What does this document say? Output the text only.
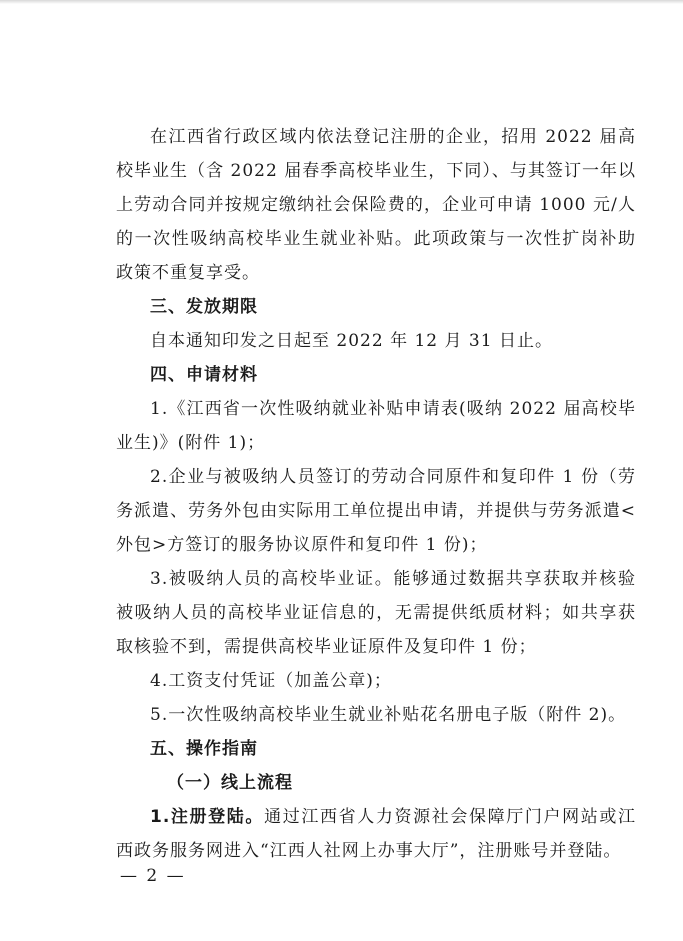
在江西省行政区域内依法登记注册的企业，招用 2022 届高校毕业生（含 2022 届春季高校毕业生，下同）、与其签订一年以上劳动合同并按规定缴纳社会保险费的，企业可申请 1000 元/人的一次性吸纳高校毕业生就业补贴。此项政策与一次性扩岗补助政策不重复享受。

三、发放期限

自本通知印发之日起至 2022 年 12 月 31 日止。

四、申请材料

1.《江西省一次性吸纳就业补贴申请表(吸纳 2022 届高校毕业生)》(附件 1)；

2.企业与被吸纳人员签订的劳动合同原件和复印件 1 份（劳务派遣、劳务外包由实际用工单位提出申请，并提供与劳务派遣<外包>方签订的服务协议原件和复印件 1 份)；

3.被吸纳人员的高校毕业证。能够通过数据共享获取并核验被吸纳人员的高校毕业证信息的，无需提供纸质材料；如共享获取核验不到，需提供高校毕业证原件及复印件 1 份；

4.工资支付凭证（加盖公章)；

5.一次性吸纳高校毕业生就业补贴花名册电子版（附件 2)。

五、操作指南

（一）线上流程

1.注册登陆。通过江西省人力资源社会保障厅门户网站或江西政务服务网进入“江西人社网上办事大厅”，注册账号并登陆。

— 2 —
